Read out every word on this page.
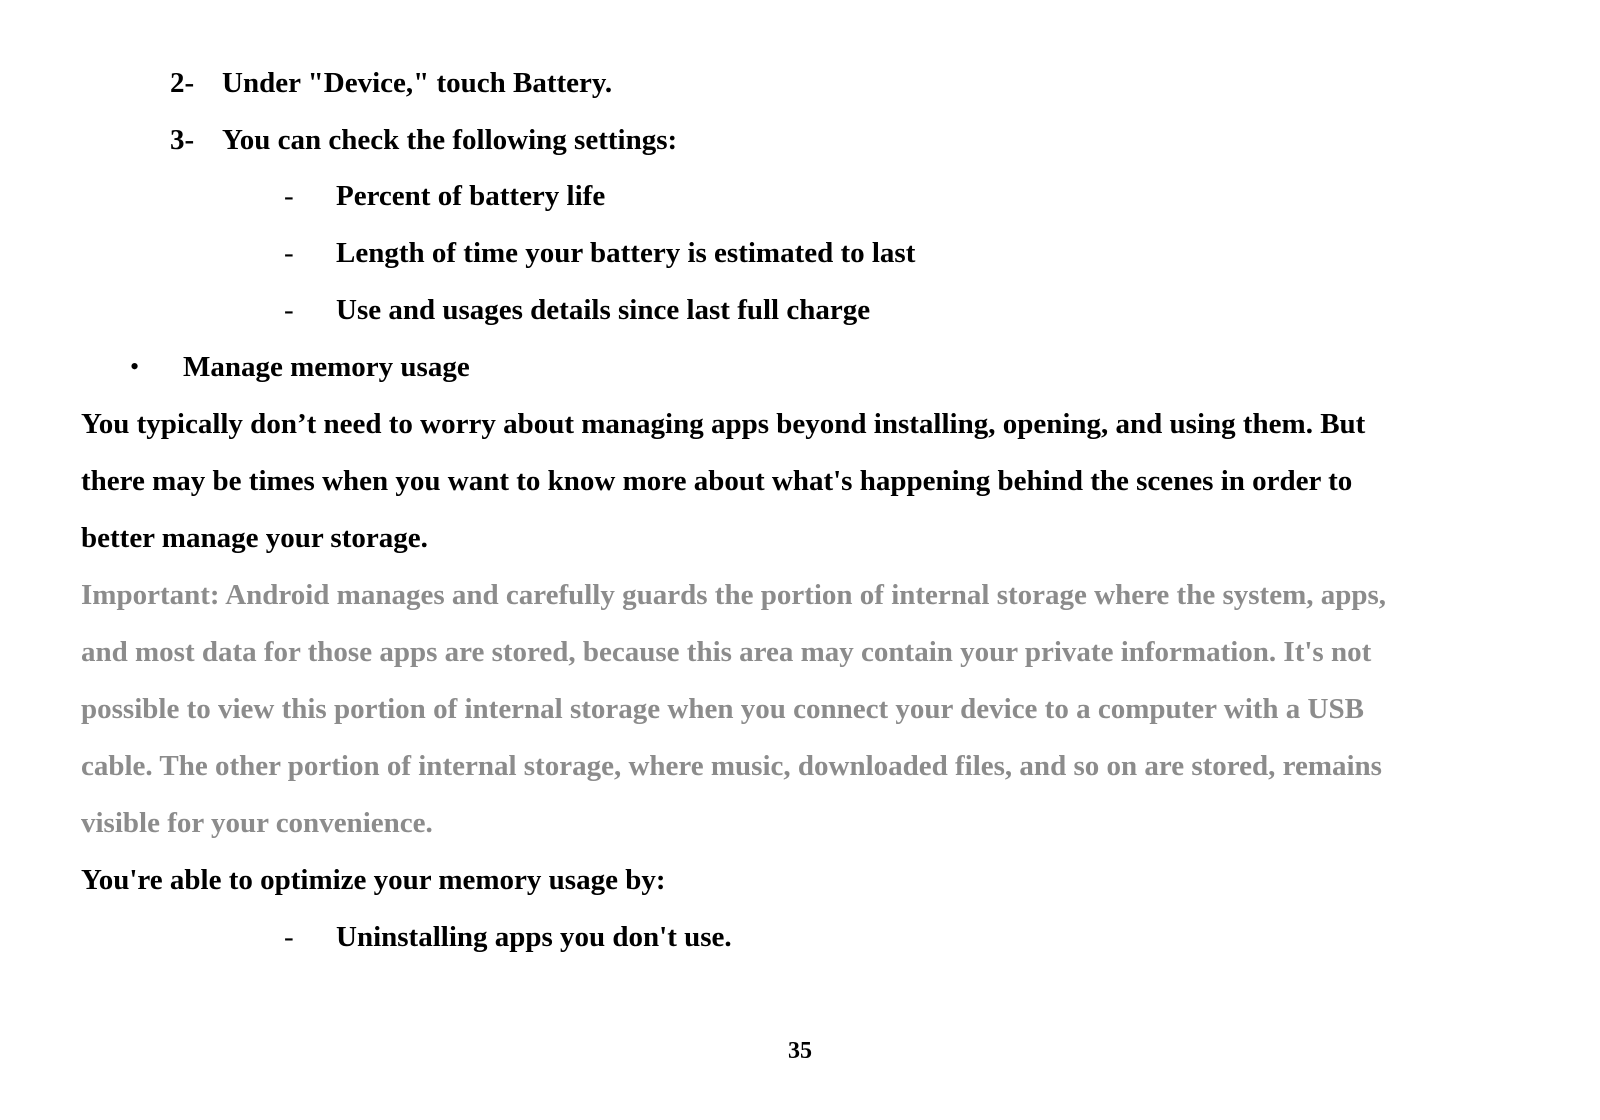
2- Under "Device," touch Battery.
3- You can check the following settings:
- Percent of battery life
- Length of time your battery is estimated to last
- Use and usages details since last full charge
• Manage memory usage
You typically don’t need to worry about managing apps beyond installing, opening, and using them. But
there may be times when you want to know more about what's happening behind the scenes in order to
better manage your storage.
Important: Android manages and carefully guards the portion of internal storage where the system, apps,
and most data for those apps are stored, because this area may contain your private information. It's not
possible to view this portion of internal storage when you connect your device to a computer with a USB
cable. The other portion of internal storage, where music, downloaded files, and so on are stored, remains
visible for your convenience.
You're able to optimize your memory usage by:
- Uninstalling apps you don't use.
35
